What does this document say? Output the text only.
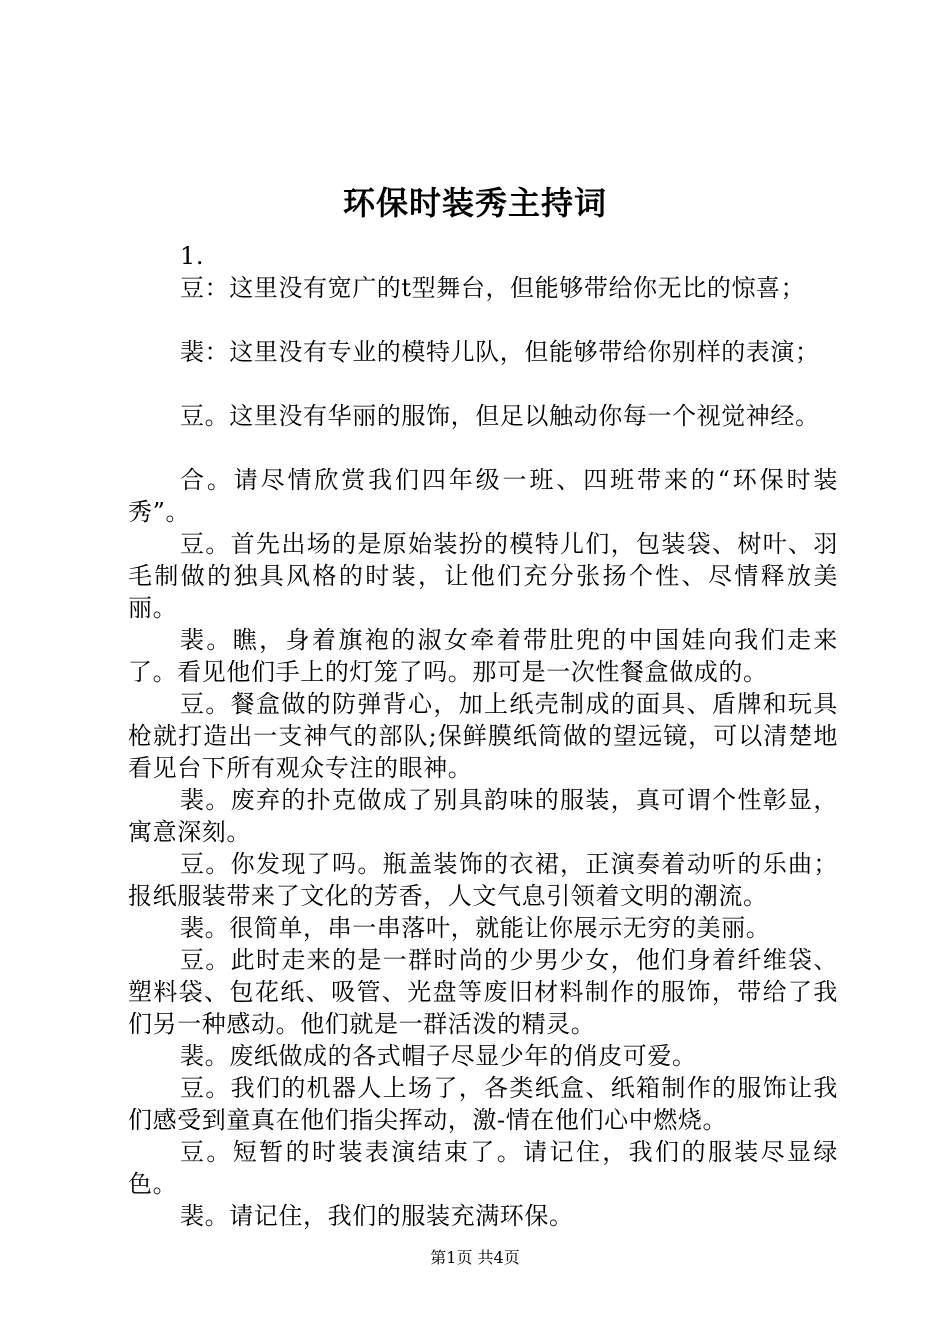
环保时装秀主持词

1.

豆：这里没有宽广的t型舞台，但能够带给你无比的惊喜；

裴：这里没有专业的模特儿队，但能够带给你别样的表演；

豆。这里没有华丽的服饰，但足以触动你每一个视觉神经。

合。请尽情欣赏我们四年级一班、四班带来的“环保时装秀”。

豆。首先出场的是原始装扮的模特儿们，包装袋、树叶、羽毛制做的独具风格的时装，让他们充分张扬个性、尽情释放美丽。

裴。瞧，身着旗袍的淑女牵着带肚兜的中国娃向我们走来了。看见他们手上的灯笼了吗。那可是一次性餐盒做成的。

豆。餐盒做的防弹背心，加上纸壳制成的面具、盾牌和玩具枪就打造出一支神气的部队;保鲜膜纸筒做的望远镜，可以清楚地看见台下所有观众专注的眼神。

裴。废弃的扑克做成了别具韵味的服装，真可谓个性彰显，寓意深刻。

豆。你发现了吗。瓶盖装饰的衣裙，正演奏着动听的乐曲；报纸服装带来了文化的芳香，人文气息引领着文明的潮流。

裴。很简单，串一串落叶，就能让你展示无穷的美丽。

豆。此时走来的是一群时尚的少男少女，他们身着纤维袋、塑料袋、包花纸、吸管、光盘等废旧材料制作的服饰，带给了我们另一种感动。他们就是一群活泼的精灵。

裴。废纸做成的各式帽子尽显少年的俏皮可爱。

豆。我们的机器人上场了，各类纸盒、纸箱制作的服饰让我们感受到童真在他们指尖挥动，激-情在他们心中燃烧。

豆。短暂的时装表演结束了。请记住，我们的服装尽显绿色。

裴。请记住，我们的服装充满环保。

第1页 共4页
